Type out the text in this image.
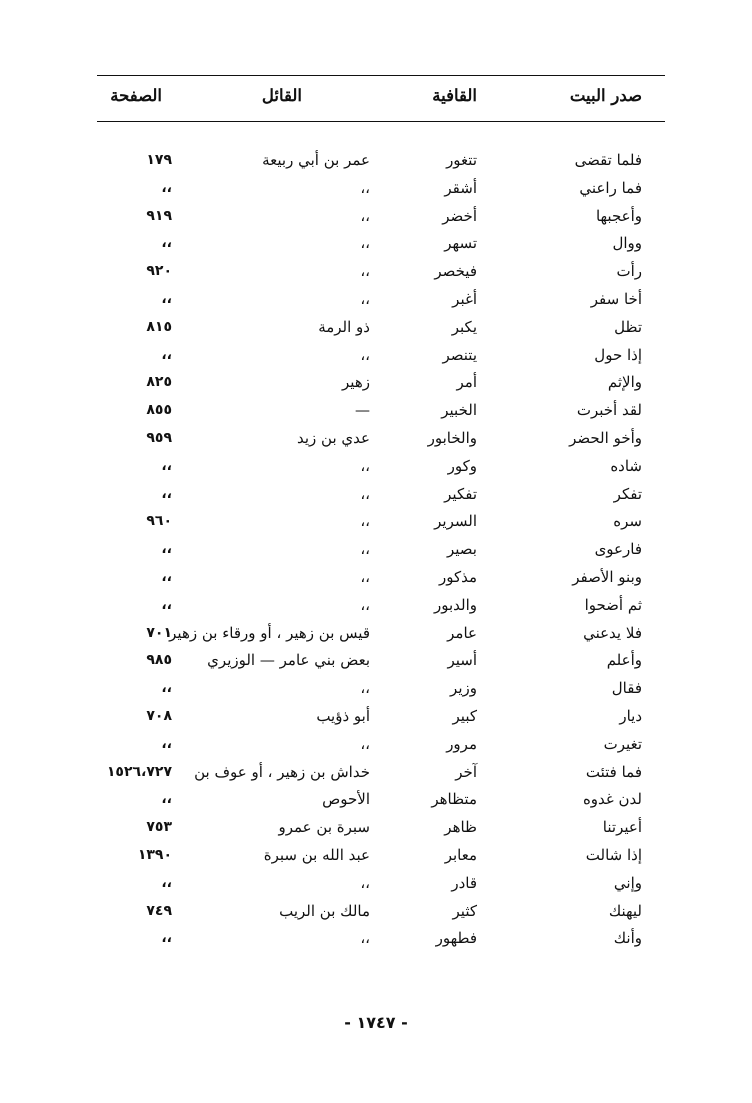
صدر البيت
القافية
القائل
الصفحة
فلما تقضى
تتغور
عمر بن أبي ربيعة
١٧٩
فما راعني
أشقر
،،
،،
وأعجبها
أخضر
،،
٩١٩
ووال
تسهر
،،
،،
رأت
فيخصر
،،
٩٢٠
أخا سفر
أغبر
،،
،،
تظل
يكبر
ذو الرمة
٨١٥
إذا حول
يتنصر
،،
،،
والإثم
أمر
زهير
٨٢٥
لقد أخبرت
الخبير
—
٨٥٥
وأخو الحضر
والخابور
عدي بن زيد
٩٥٩
شاده
وكور
،،
،،
تفكر
تفكير
،،
،،
سره
السرير
،،
٩٦٠
فارعوى
بصير
،،
،،
وبنو الأصفر
مذكور
،،
،،
ثم أضحوا
والدبور
،،
،،
فلا يدعني
عامر
قيس بن زهير ، أو ورقاء بن زهير
٧٠١
وأعلم
أسير
بعض بني عامر — الوزيري
٩٨٥
فقال
وزير
،،
،،
ديار
كبير
أبو ذؤيب
٧٠٨
تغيرت
مرور
،،
،،
فما فتئت
آخر
خداش بن زهير ، أو عوف بن
١٥٢٦،٧٢٧
لدن غدوه
متظاهر
الأحوص
،،
أعيرتنا
ظاهر
سبرة بن عمرو
٧٥٣
إذا شالت
معابر
عبد الله بن سبرة
١٣٩٠
وإني
قادر
،،
،،
ليهنك
كثير
مالك بن الريب
٧٤٩
وأنك
فطهور
،،
،،
- ١٧٤٧ -
